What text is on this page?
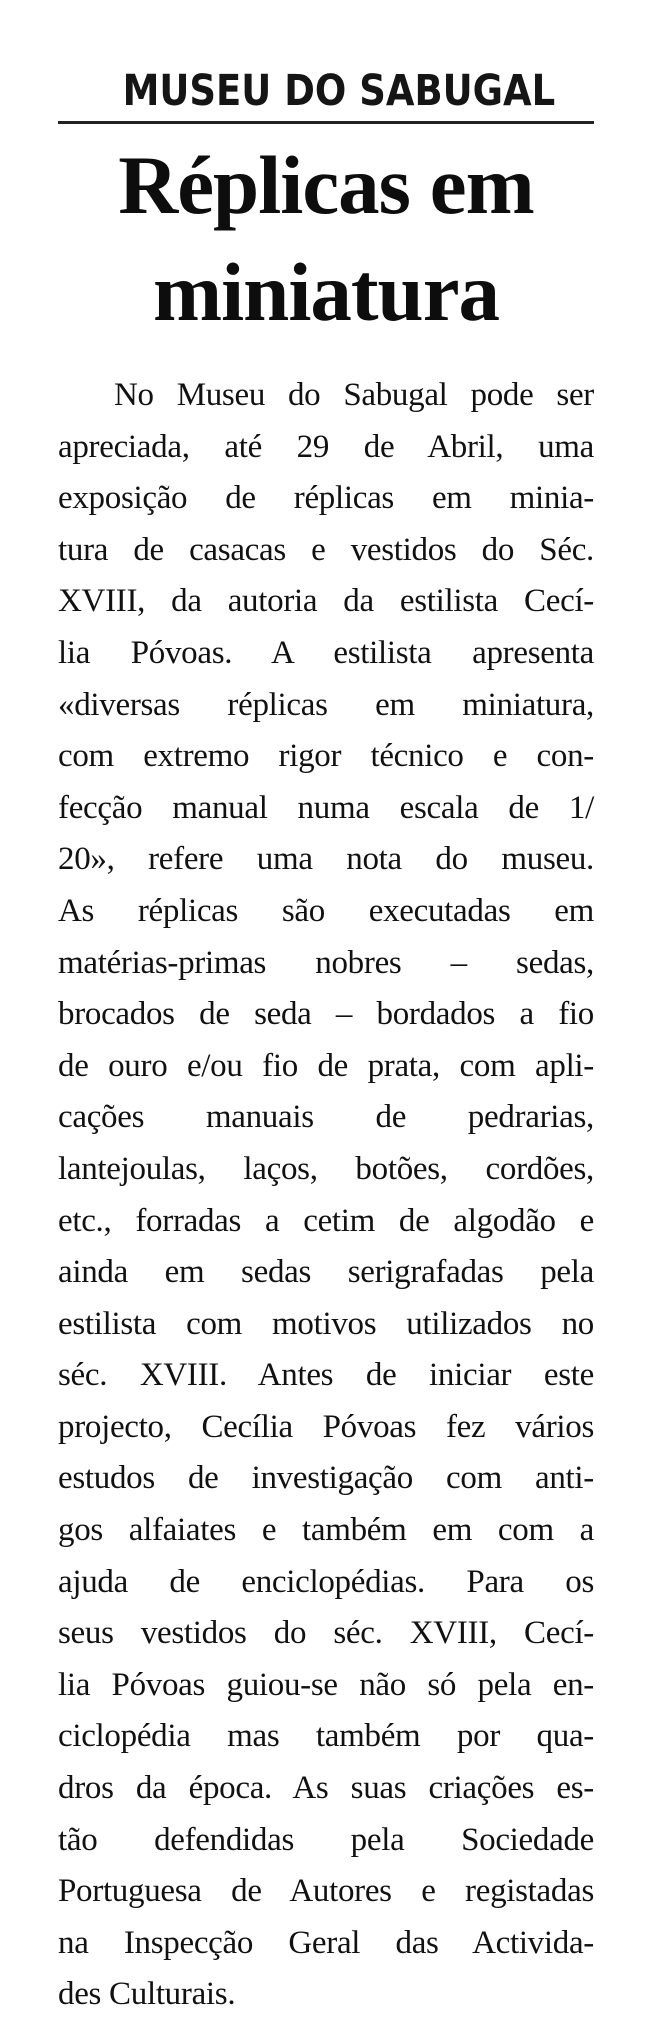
MUSEU DO SABUGAL
Réplicas em
miniatura
No Museu do Sabugal pode ser
apreciada, até 29 de Abril, uma
exposição de réplicas em minia-
tura de casacas e vestidos do Séc.
XVIII, da autoria da estilista Cecí-
lia Póvoas. A estilista apresenta
«diversas réplicas em miniatura,
com extremo rigor técnico e con-
fecção manual numa escala de 1/
20», refere uma nota do museu.
As réplicas são executadas em
matérias-primas nobres – sedas,
brocados de seda – bordados a fio
de ouro e/ou fio de prata, com apli-
cações manuais de pedrarias,
lantejoulas, laços, botões, cordões,
etc., forradas a cetim de algodão e
ainda em sedas serigrafadas pela
estilista com motivos utilizados no
séc. XVIII. Antes de iniciar este
projecto, Cecília Póvoas fez vários
estudos de investigação com anti-
gos alfaiates e também em com a
ajuda de enciclopédias. Para os
seus vestidos do séc. XVIII, Cecí-
lia Póvoas guiou-se não só pela en-
ciclopédia mas também por qua-
dros da época. As suas criações es-
tão defendidas pela Sociedade
Portuguesa de Autores e registadas
na Inspecção Geral das Activida-
des Culturais.
